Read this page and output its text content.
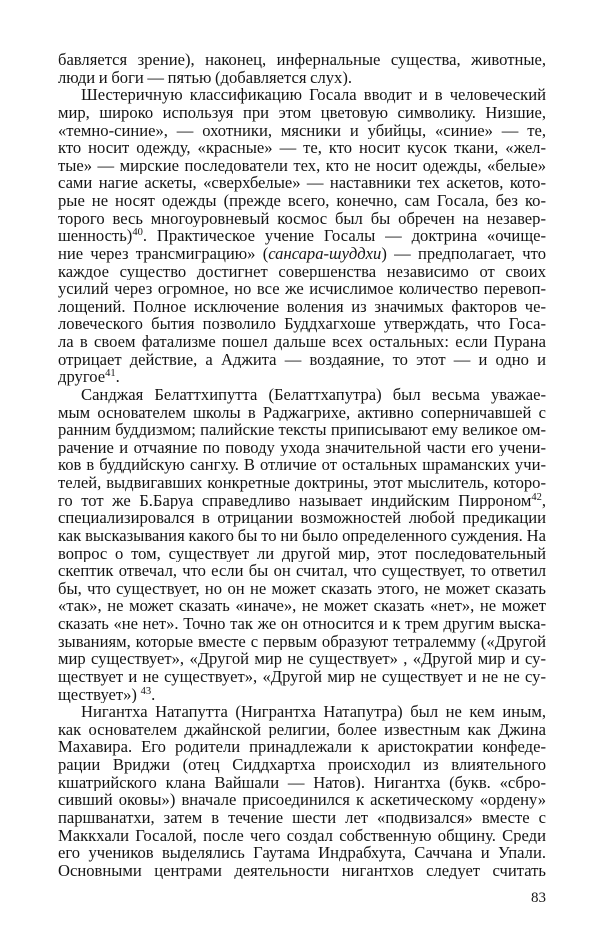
бавляется зрение), наконец, инфернальные существа, животные,
люди и боги — пятью (добавляется слух).
Шестеричную классификацию Госала вводит и в человеческий
мир, широко используя при этом цветовую символику. Низшие,
«темно-синие», — охотники, мясники и убийцы, «синие» — те,
кто носит одежду, «красные» — те, кто носит кусок ткани, «жел-
тые» — мирские последователи тех, кто не носит одежды, «белые»
сами нагие аскеты, «сверхбелые» — наставники тех аскетов, кото-
рые не носят одежды (прежде всего, конечно, сам Госала, без ко-
торого весь многоуровневый космос был бы обречен на незавер-
шенность)$^{40}$. Практическое учение Госалы — доктрина «очище-
ние через трансмиграцию» (сансара-шуддхи) — предполагает, что
каждое существо достигнет совершенства независимо от своих
усилий через огромное, но все же исчислимое количество перевоп-
лощений. Полное исключение воления из значимых факторов че-
ловеческого бытия позволило Буддхагхоше утверждать, что Госа-
ла в своем фатализме пошел дальше всех остальных: если Пурана
отрицает действие, а Аджита — воздаяние, то этот — и одно и
другое$^{41}$.
Санджая Белаттхипутта (Белаттхапутра) был весьма уважае-
мым основателем школы в Раджагрихе, активно соперничавшей с
ранним буддизмом; палийские тексты приписывают ему великое ом-
рачение и отчаяние по поводу ухода значительной части его учени-
ков в буддийскую сангху. В отличие от остальных шраманских учи-
телей, выдвигавших конкретные доктрины, этот мыслитель, которо-
го тот же Б.Баруа справедливо называет индийским Пирроном$^{42}$,
специализировался в отрицании возможностей любой предикации
как высказывания какого бы то ни было определенного суждения. На
вопрос о том, существует ли другой мир, этот последовательный
скептик отвечал, что если бы он считал, что существует, то ответил
бы, что существует, но он не может сказать этого, не может сказать
«так», не может сказать «иначе», не может сказать «нет», не может
сказать «не нет». Точно так же он относится и к трем другим выска-
зываниям, которые вместе с первым образуют тетралемму («Другой
мир существует», «Другой мир не существует» , «Другой мир и су-
ществует и не существует», «Другой мир не существует и не не су-
ществует») $^{43}$.
Нигантха Натапутта (Нигрантха Натапутра) был не кем иным,
как основателем джайнской религии, более известным как Джина
Махавира. Его родители принадлежали к аристократии конфеде-
рации Вриджи (отец Сиддхартха происходил из влиятельного
кшатрийского клана Вайшали — Натов). Нигантха (букв. «сбро-
сивший оковы») вначале присоединился к аскетическому «ордену»
паршванатхи, затем в течение шести лет «подвизался» вместе с
Маккхали Госалой, после чего создал собственную общину. Среди
его учеников выделялись Гаутама Индрабхута, Саччана и Упали.
Основными центрами деятельности нигантхов следует считать
83
